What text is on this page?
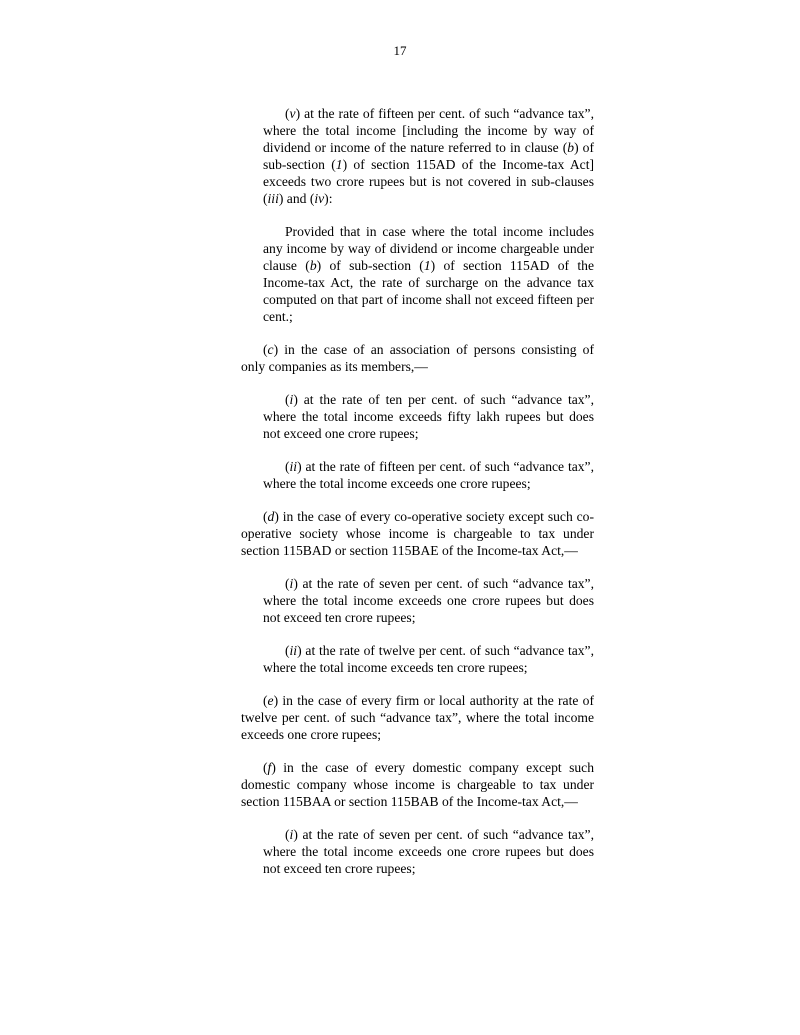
17

(v) at the rate of fifteen per cent. of such “advance tax”, where the total income [including the income by way of dividend or income of the nature referred to in clause (b) of sub-section (1) of section 115AD of the Income-tax Act] exceeds two crore rupees but is not covered in sub-clauses (iii) and (iv):

Provided that in case where the total income includes any income by way of dividend or income chargeable under clause (b) of sub-section (1) of section 115AD of the Income-tax Act, the rate of surcharge on the advance tax computed on that part of income shall not exceed fifteen per cent.;

(c) in the case of an association of persons consisting of only companies as its members,—

(i) at the rate of ten per cent. of such “advance tax”, where the total income exceeds fifty lakh rupees but does not exceed one crore rupees;

(ii) at the rate of fifteen per cent. of such “advance tax”, where the total income exceeds one crore rupees;

(d) in the case of every co-operative society except such co-operative society whose income is chargeable to tax under section 115BAD or section 115BAE of the Income-tax Act,—

(i) at the rate of seven per cent. of such “advance tax”, where the total income exceeds one crore rupees but does not exceed ten crore rupees;

(ii) at the rate of twelve per cent. of such “advance tax”, where the total income exceeds ten crore rupees;

(e) in the case of every firm or local authority at the rate of twelve per cent. of such “advance tax”, where the total income exceeds one crore rupees;

(f) in the case of every domestic company except such domestic company whose income is chargeable to tax under section 115BAA or section 115BAB of the Income-tax Act,—

(i) at the rate of seven per cent. of such “advance tax”, where the total income exceeds one crore rupees but does not exceed ten crore rupees;
